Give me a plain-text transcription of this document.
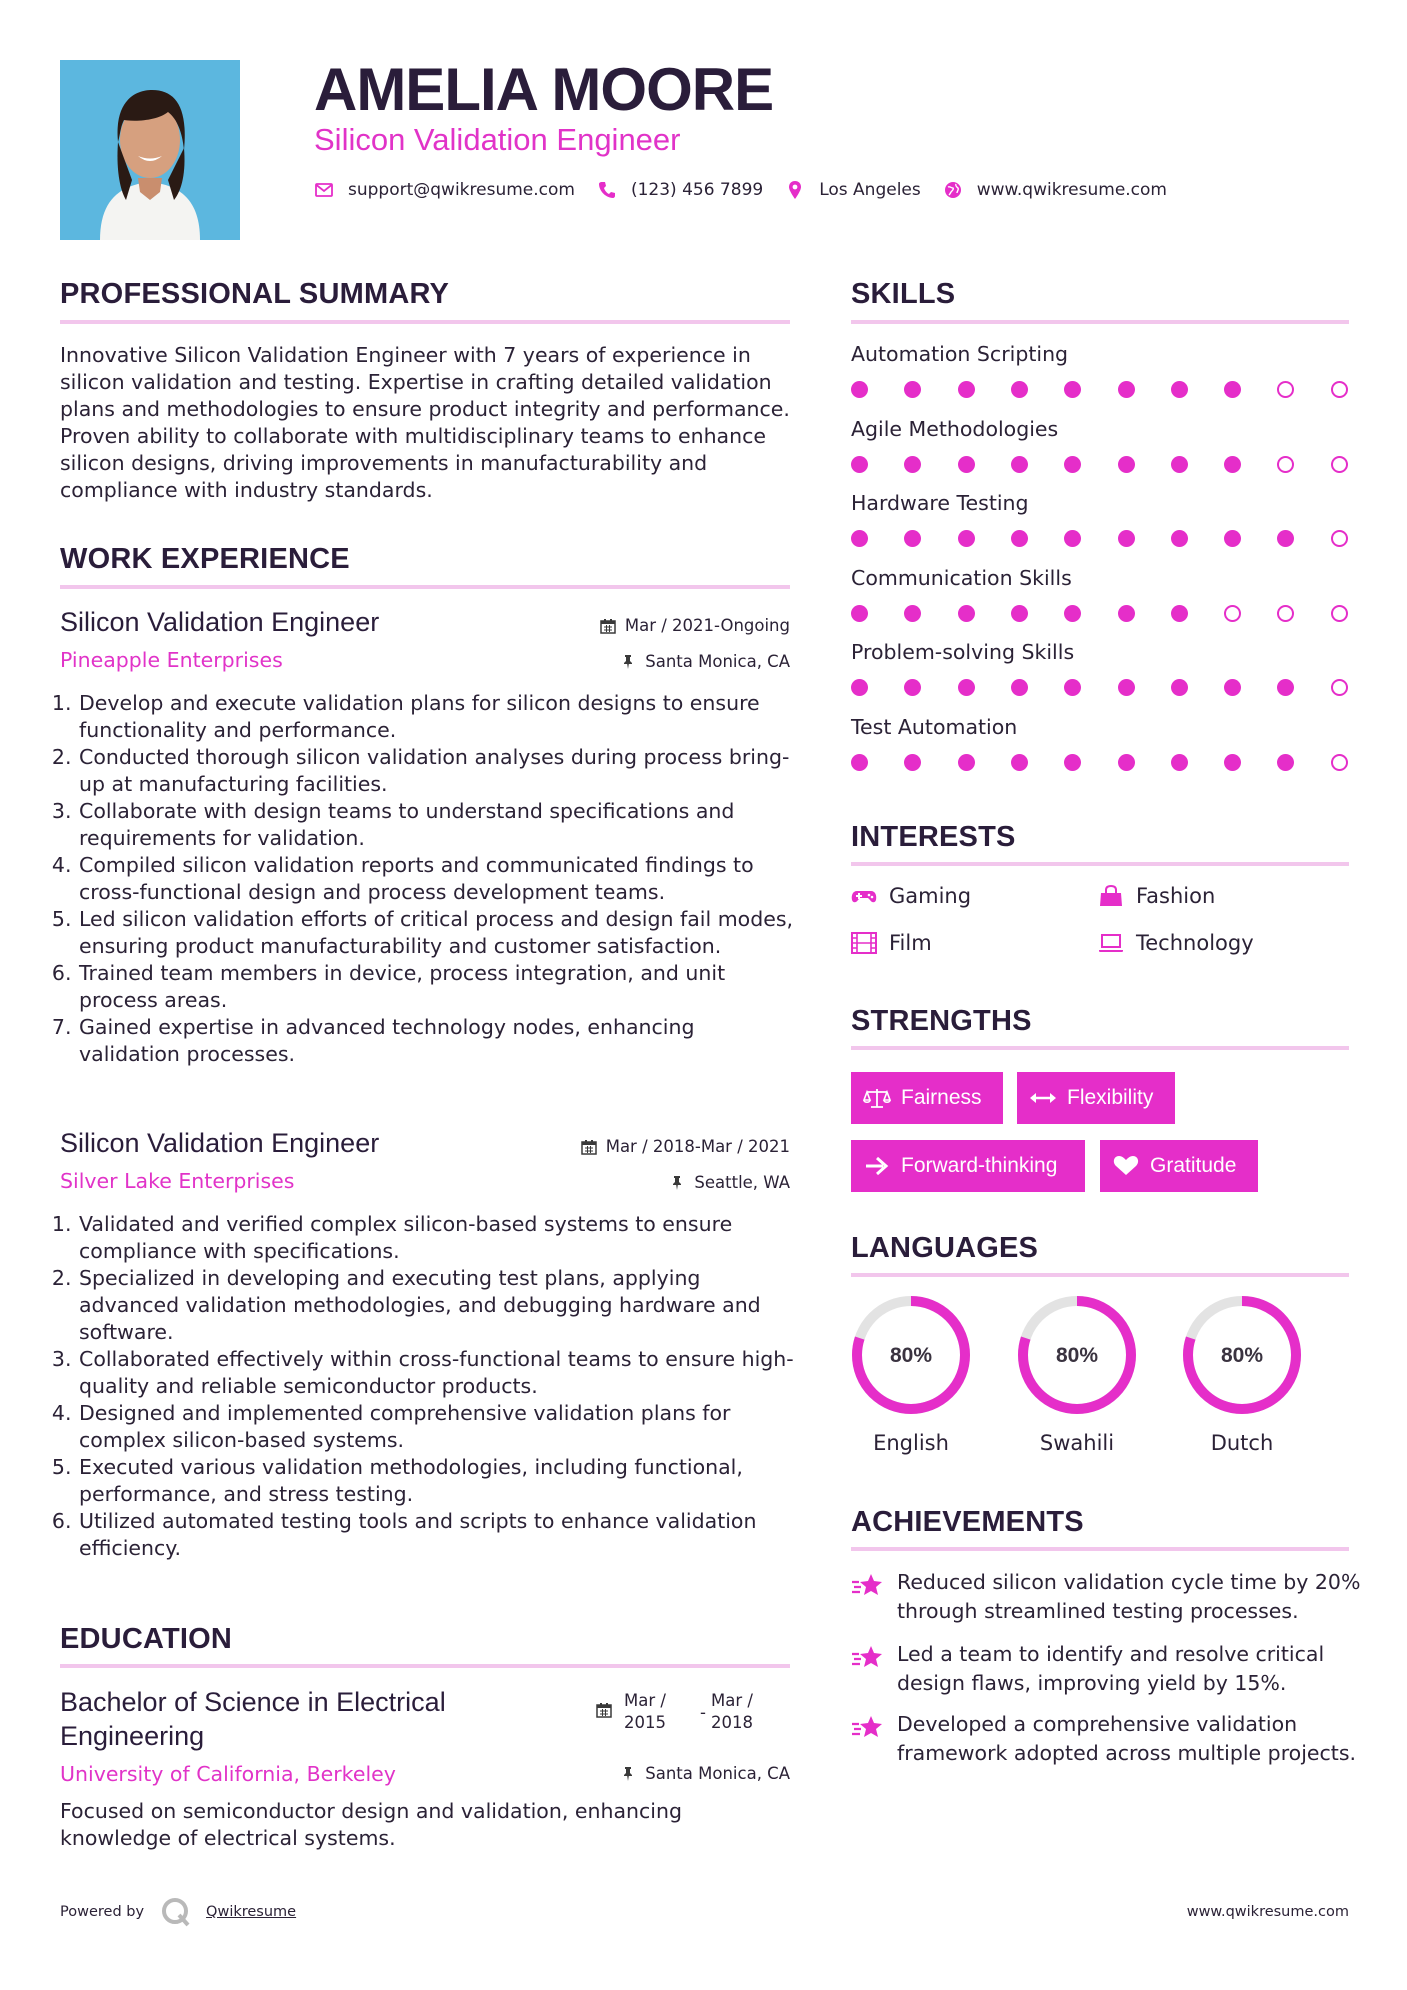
AMELIA MOORE
Silicon Validation Engineer
support@qwikresume.com	(123) 456 7899	Los Angeles	www.qwikresume.com
PROFESSIONAL SUMMARY

Innovative Silicon Validation Engineer with 7 years of experience in silicon validation and testing. Expertise in crafting detailed validation plans and methodologies to ensure product integrity and performance. Proven ability to collaborate with multidisciplinary teams to enhance silicon designs, driving improvements in manufacturability and compliance with industry standards.

WORK EXPERIENCE
Silicon Validation Engineer	Mar / 2021-Ongoing
Pineapple Enterprises	Santa Monica, CA
1. Develop and execute validation plans for silicon designs to ensure functionality and performance.
2. Conducted thorough silicon validation analyses during process bring-up at manufacturing facilities.
3. Collaborate with design teams to understand specifications and requirements for validation.
4. Compiled silicon validation reports and communicated findings to cross-functional design and process development teams.
5. Led silicon validation efforts of critical process and design fail modes, ensuring product manufacturability and customer satisfaction.
6. Trained team members in device, process integration, and unit process areas.
7. Gained expertise in advanced technology nodes, enhancing validation processes.
Silicon Validation Engineer	Mar / 2018-Mar / 2021
Silver Lake Enterprises	Seattle, WA
1. Validated and verified complex silicon-based systems to ensure compliance with specifications.
2. Specialized in developing and executing test plans, applying advanced validation methodologies, and debugging hardware and software.
3. Collaborated effectively within cross-functional teams to ensure high-quality and reliable semiconductor products.
4. Designed and implemented comprehensive validation plans for complex silicon-based systems.
5. Executed various validation methodologies, including functional, performance, and stress testing.
6. Utilized automated testing tools and scripts to enhance validation efficiency.
EDUCATION
Bachelor of Science in Electrical Engineering
Mar /
2015
-
Mar /
2018
University of California, Berkeley	Santa Monica, CA

Focused on semiconductor design and validation, enhancing knowledge of electrical systems.

SKILLS
Automation Scripting
Agile Methodologies
Hardware Testing
Communication Skills
Problem-solving Skills
Test Automation
INTERESTS
Gaming	Fashion
Film	Technology
STRENGTHS
Fairness	Flexibility
Forward-thinking	Gratitude
LANGUAGES
80%
English
80%
Swahili
80%
Dutch
ACHIEVEMENTS
Reduced silicon validation cycle time by 20% through streamlined testing processes.
Led a team to identify and resolve critical design flaws, improving yield by 15%.
Developed a comprehensive validation framework adopted across multiple projects.
Powered by	Qwikresume	www.qwikresume.com
